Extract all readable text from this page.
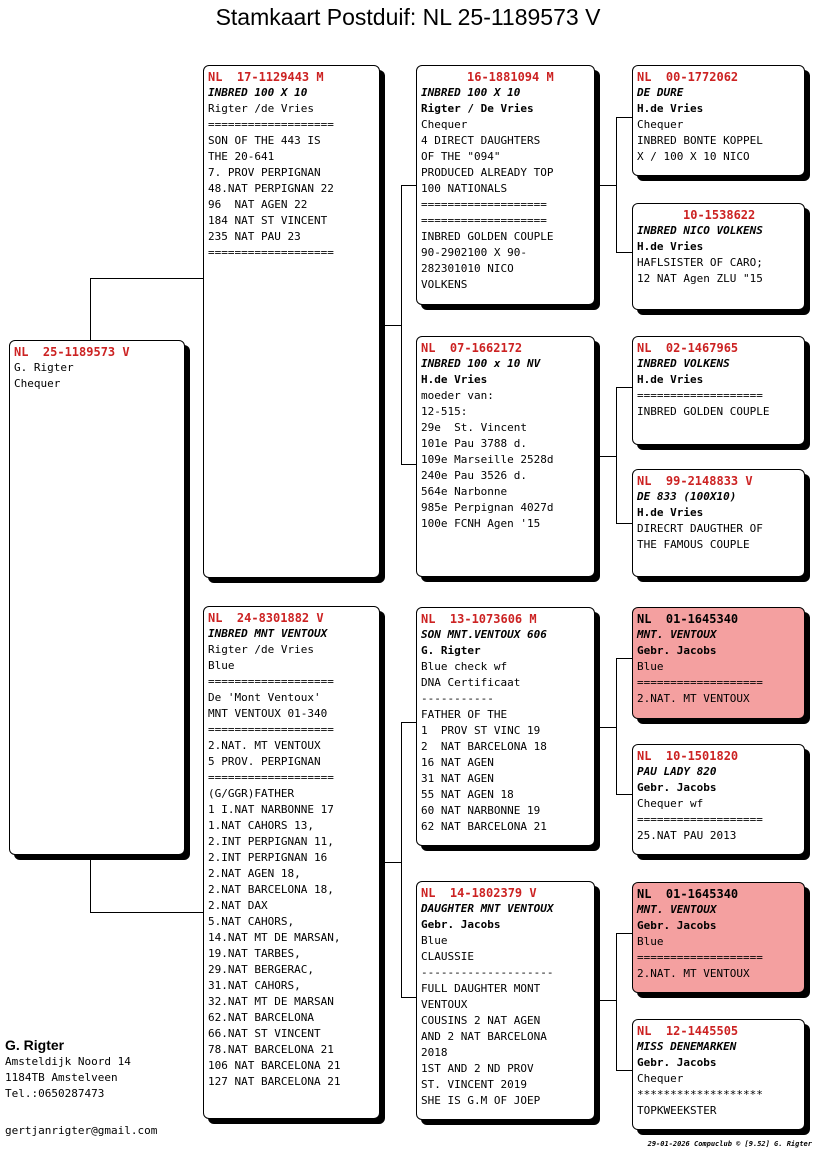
Stamkaart Postduif: NL 25-1189573 V
NL  25-1189573 V
G. Rigter
Chequer
NL  17-1129443 M
INBRED 100 X 10
Rigter /de Vries
===================
SON OF THE 443 IS
THE 20-641
7. PROV PERPIGNAN
48.NAT PERPIGNAN 22
96  NAT AGEN 22
184 NAT ST VINCENT
235 NAT PAU 23
===================
NL  24-8301882 V
INBRED MNT VENTOUX
Rigter /de Vries
Blue
===================
De 'Mont Ventoux'
MNT VENTOUX 01-340
===================
2.NAT. MT VENTOUX
5 PROV. PERPIGNAN
===================
(G/GGR)FATHER
1 I.NAT NARBONNE 17
1.NAT CAHORS 13,
2.INT PERPIGNAN 11,
2.INT PERPIGNAN 16
2.NAT AGEN 18,
2.NAT BARCELONA 18,
2.NAT DAX
5.NAT CAHORS,
14.NAT MT DE MARSAN,
19.NAT TARBES,
29.NAT BERGERAC,
31.NAT CAHORS,
32.NAT MT DE MARSAN
62.NAT BARCELONA
66.NAT ST VINCENT
78.NAT BARCELONA 21
106 NAT BARCELONA 21
127 NAT BARCELONA 21
16-1881094 M
INBRED 100 X 10
Rigter / De Vries
Chequer
4 DIRECT DAUGHTERS
OF THE "094"
PRODUCED ALREADY TOP
100 NATIONALS
===================
===================
INBRED GOLDEN COUPLE
90-2902100 X 90-
282301010 NICO
VOLKENS
NL  07-1662172
INBRED 100 x 10 NV
H.de Vries
moeder van:
12-515:
29e  St. Vincent
101e Pau 3788 d.
109e Marseille 2528d
240e Pau 3526 d.
564e Narbonne
985e Perpignan 4027d
100e FCNH Agen '15
NL  13-1073606 M
SON MNT.VENTOUX 606
G. Rigter
Blue check wf
DNA Certificaat
-----------
FATHER OF THE
1  PROV ST VINC 19
2  NAT BARCELONA 18
16 NAT AGEN
31 NAT AGEN
55 NAT AGEN 18
60 NAT NARBONNE 19
62 NAT BARCELONA 21
NL  14-1802379 V
DAUGHTER MNT VENTOUX
Gebr. Jacobs
Blue
CLAUSSIE
--------------------
FULL DAUGHTER MONT
VENTOUX
COUSINS 2 NAT AGEN
AND 2 NAT BARCELONA
2018
1ST AND 2 ND PROV
ST. VINCENT 2019
SHE IS G.M OF JOEP
NL  00-1772062
DE DURE
H.de Vries
Chequer
INBRED BONTE KOPPEL
X / 100 X 10 NICO
10-1538622
INBRED NICO VOLKENS
H.de Vries
HAFLSISTER OF CARO;
12 NAT Agen ZLU "15
NL  02-1467965
INBRED VOLKENS
H.de Vries
===================
INBRED GOLDEN COUPLE
NL  99-2148833 V
DE 833 (100X10)
H.de Vries
DIRECRT DAUGTHER OF
THE FAMOUS COUPLE
NL  01-1645340
MNT. VENTOUX
Gebr. Jacobs
Blue
===================
2.NAT. MT VENTOUX
NL  10-1501820
PAU LADY 820
Gebr. Jacobs
Chequer wf
===================
25.NAT PAU 2013
NL  01-1645340
MNT. VENTOUX
Gebr. Jacobs
Blue
===================
2.NAT. MT VENTOUX
NL  12-1445505
MISS DENEMARKEN
Gebr. Jacobs
Chequer
*******************
TOPKWEEKSTER
G. Rigter
Amsteldijk Noord 14
1184TB Amstelveen
Tel.:0650287473
gertjanrigter@gmail.com
29-01-2026 Compuclub © [9.52] G. Rigter
